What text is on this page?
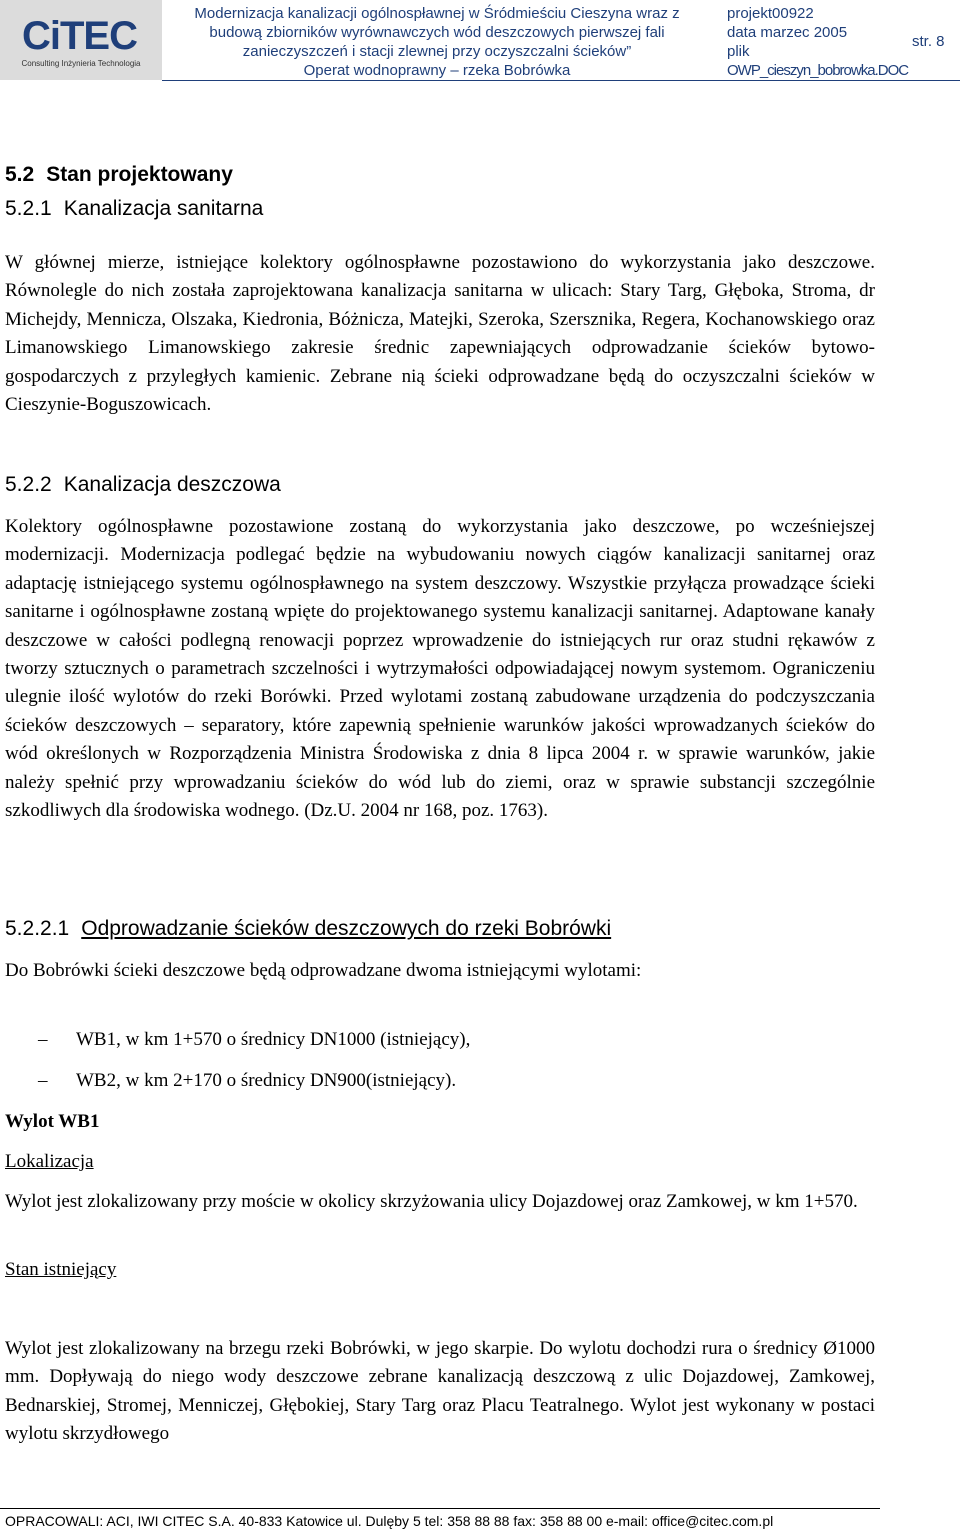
CiTEC
Consulting Inżynieria Technologia
Modernizacja kanalizacji ogólnospławnej w Śródmieściu Cieszyna wraz z
budową zbiorników wyrównawczych wód deszczowych pierwszej fali
zanieczyszczeń i stacji zlewnej przy oczyszczalni ścieków”
Operat wodnoprawny – rzeka Bobrówka
projekt00922
data marzec 2005
plik
OWP_cieszyn_bobrowka.DOC
str. 8
5.2 Stan projektowany
5.2.1 Kanalizacja sanitarna

W głównej mierze, istniejące kolektory ogólnospławne pozostawiono do wykorzystania jako deszczowe. Równolegle do nich została zaprojektowana kanalizacja sanitarna w ulicach: Stary Targ, Głęboka, Stroma, dr Michejdy, Mennicza, Olszaka, Kiedronia, Bóżnicza, Matejki, Szeroka, Szersznika, Regera, Kochanowskiego oraz Limanowskiego Limanowskiego zakresie średnic zapewniających odprowadzanie ścieków bytowo-gospodarczych z przyległych kamienic. Zebrane nią ścieki odprowadzane będą do oczyszczalni ścieków w Cieszynie-Boguszowicach.

5.2.2 Kanalizacja deszczowa

Kolektory ogólnospławne pozostawione zostaną do wykorzystania jako deszczowe, po wcześniejszej modernizacji. Modernizacja podlegać będzie na wybudowaniu nowych ciągów kanalizacji sanitarnej oraz adaptację istniejącego systemu ogólnospławnego na system deszczowy. Wszystkie przyłącza prowadzące ścieki sanitarne i ogólnospławne zostaną wpięte do projektowanego systemu kanalizacji sanitarnej. Adaptowane kanały deszczowe w całości podlegną renowacji poprzez wprowadzenie do istniejących rur oraz studni rękawów z tworzy sztucznych o parametrach szczelności i wytrzymałości odpowiadającej nowym systemom. Ograniczeniu ulegnie ilość wylotów do rzeki Borówki. Przed wylotami zostaną zabudowane urządzenia do podczyszczania ścieków deszczowych – separatory, które zapewnią spełnienie warunków jakości wprowadzanych ścieków do wód określonych w Rozporządzenia Ministra Środowiska z dnia 8 lipca 2004 r. w sprawie warunków, jakie należy spełnić przy wprowadzaniu ścieków do wód lub do ziemi, oraz w sprawie substancji szczególnie szkodliwych dla środowiska wodnego. (Dz.U. 2004 nr 168, poz. 1763).

5.2.2.1 Odprowadzanie ścieków deszczowych do rzeki Bobrówki

Do Bobrówki ścieki deszczowe będą odprowadzane dwoma istniejącymi wylotami:

– WB1, w km 1+570 o średnicy DN1000 (istniejący),
– WB2, w km 2+170 o średnicy DN900(istniejący).
Wylot WB1
Lokalizacja

Wylot jest zlokalizowany przy moście w okolicy skrzyżowania ulicy Dojazdowej oraz Zamkowej, w km 1+570.

Stan istniejący

Wylot jest zlokalizowany na brzegu rzeki Bobrówki, w jego skarpie. Do wylotu dochodzi rura o średnicy Ø1000 mm. Dopływają do niego wody deszczowe zebrane kanalizacją deszczową z ulic Dojazdowej, Zamkowej, Bednarskiej, Stromej, Menniczej, Głębokiej, Stary Targ oraz Placu Teatralnego. Wylot jest wykonany w postaci wylotu skrzydłowego

OPRACOWALI: ACI, IWI CITEC S.A. 40-833 Katowice ul. Dulęby 5 tel: 358 88 88 fax: 358 88 00 e-mail: office@citec.com.pl
